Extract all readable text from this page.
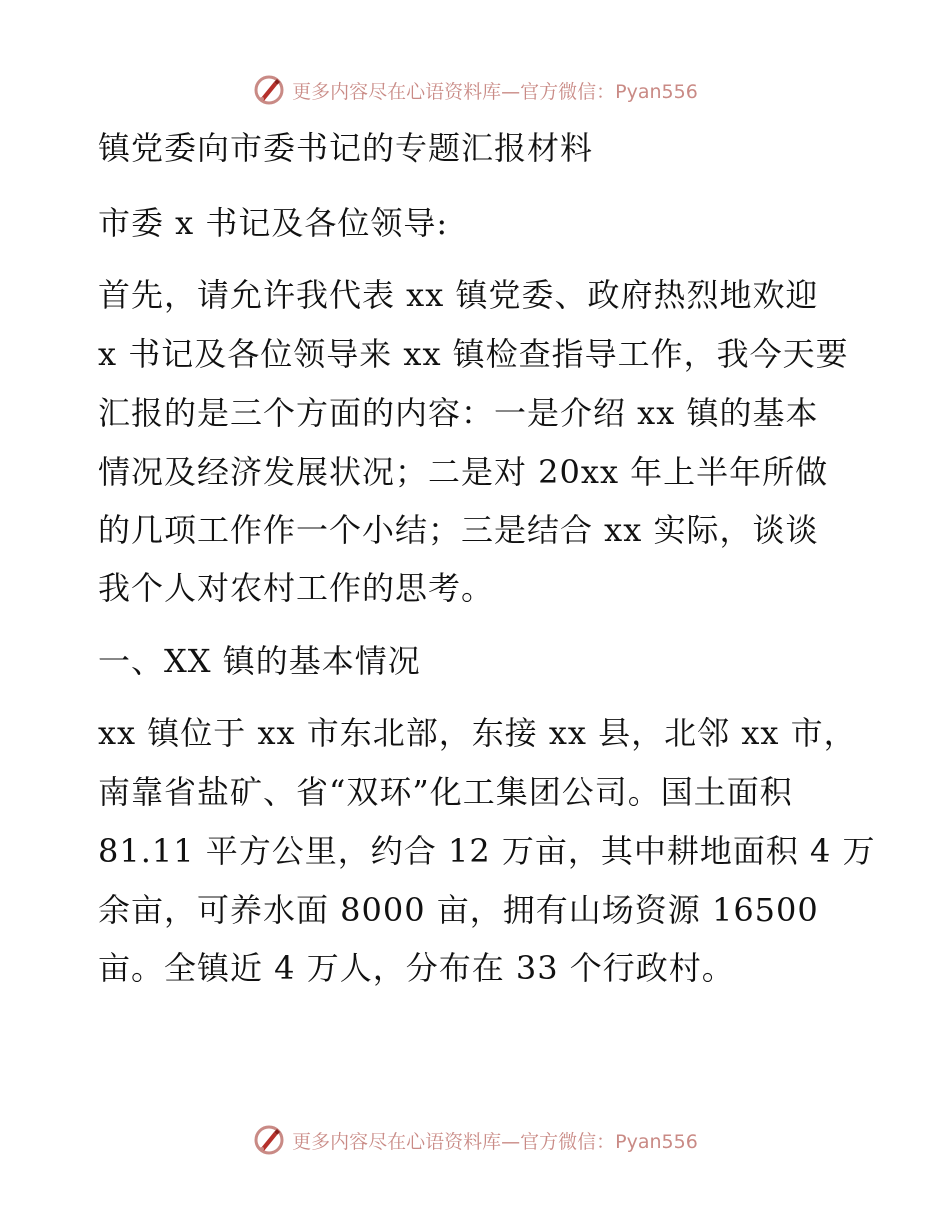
更多内容尽在心语资料库—官方微信：Pyan556
镇党委向市委书记的专题汇报材料
市委 x 书记及各位领导:
首先，请允许我代表 xx 镇党委、政府热烈地欢迎
x 书记及各位领导来 xx 镇检查指导工作，我今天要
汇报的是三个方面的内容：一是介绍 xx 镇的基本
情况及经济发展状况；二是对 20xx 年上半年所做
的几项工作作一个小结；三是结合 xx 实际，谈谈
我个人对农村工作的思考。
一、XX 镇的基本情况
xx 镇位于 xx 市东北部，东接 xx 县，北邻 xx 市，
南靠省盐矿、省“双环”化工集团公司。国土面积
81.11 平方公里，约合 12 万亩，其中耕地面积 4 万
余亩，可养水面 8000 亩，拥有山场资源 16500
亩。全镇近 4 万人，分布在 33 个行政村。
更多内容尽在心语资料库—官方微信：Pyan556
